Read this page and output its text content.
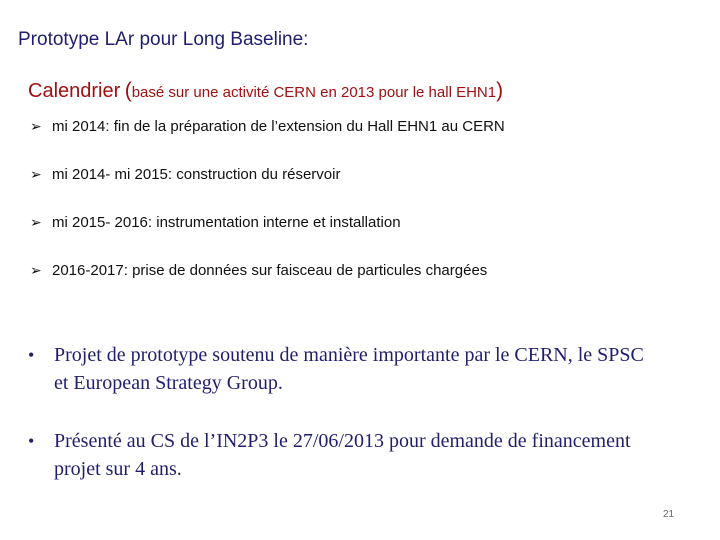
Prototype LAr pour Long Baseline:
Calendrier (basé sur une activité CERN en 2013 pour le hall EHN1)
➢ mi 2014: fin de la préparation de l’extension du Hall EHN1 au CERN
➢ mi 2014- mi 2015: construction du réservoir
➢ mi 2015- 2016: instrumentation interne et installation
➢ 2016-2017: prise de données sur faisceau de particules chargées
• Projet de prototype soutenu de manière importante par le CERN, le SPSC et European Strategy Group.
• Présenté au CS de l’IN2P3 le 27/06/2013 pour demande de financement projet sur 4 ans.
21
